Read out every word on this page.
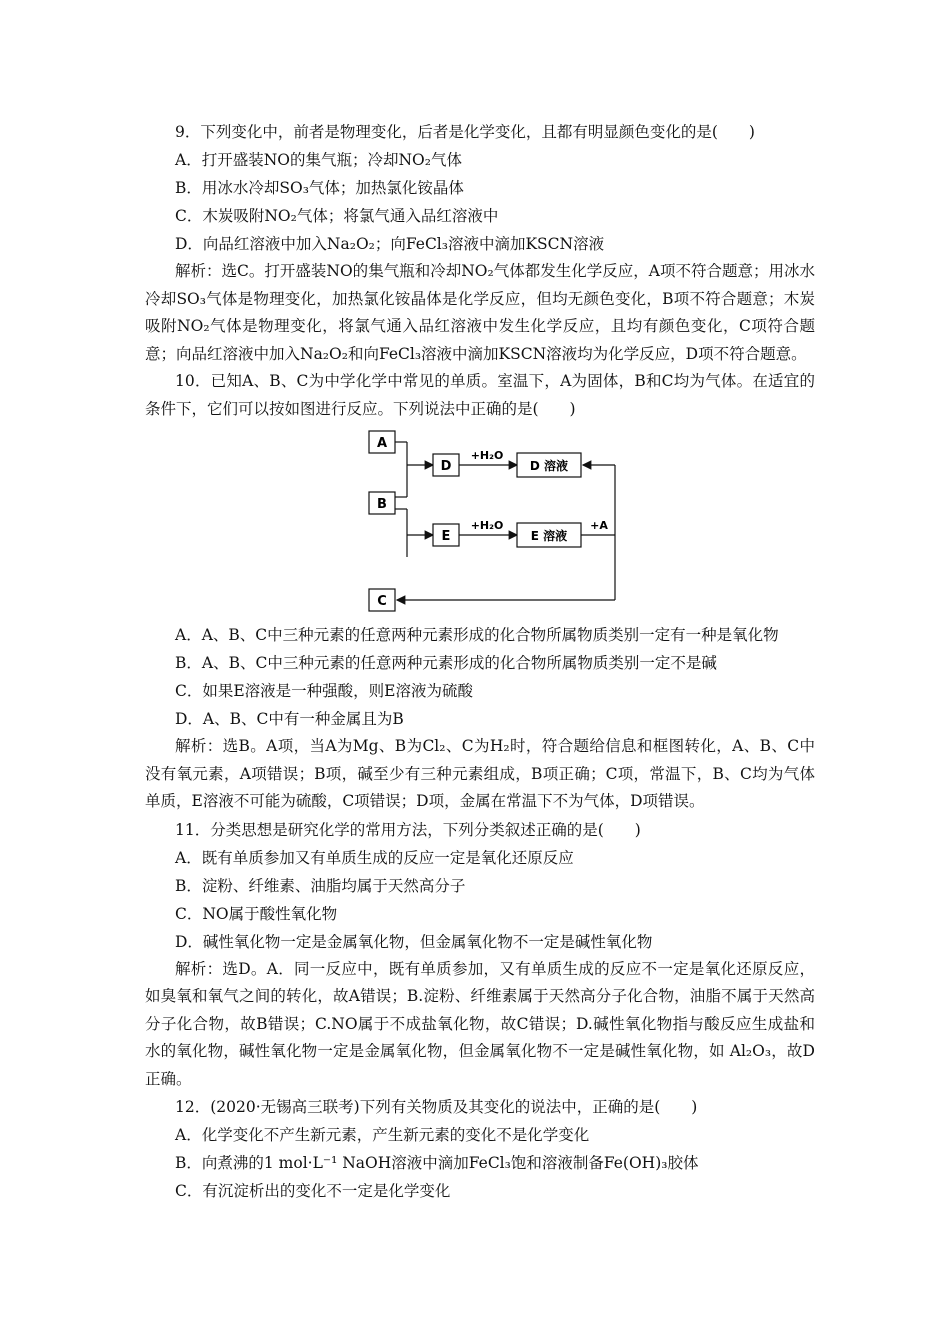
9．下列变化中，前者是物理变化，后者是化学变化，且都有明显颜色变化的是(　　)
A．打开盛装NO的集气瓶；冷却NO₂气体
B．用冰水冷却SO₃气体；加热氯化铵晶体
C．木炭吸附NO₂气体；将氯气通入品红溶液中
D．向品红溶液中加入Na₂O₂；向FeCl₃溶液中滴加KSCN溶液
解析：选C。打开盛装NO的集气瓶和冷却NO₂气体都发生化学反应，A项不符合题意；用冰水冷却SO₃气体是物理变化，加热氯化铵晶体是化学反应，但均无颜色变化，B项不符合题意；木炭吸附NO₂气体是物理变化，将氯气通入品红溶液中发生化学反应，且均有颜色变化，C项符合题意；向品红溶液中加入Na₂O₂和向FeCl₃溶液中滴加KSCN溶液均为化学反应，D项不符合题意。
10．已知A、B、C为中学化学中常见的单质。室温下，A为固体，B和C均为气体。在适宜的条件下，它们可以按如图进行反应。下列说法中正确的是(　　)
A
B
C
D
+H₂O
D 溶液
E
+H₂O
E 溶液
+A
A．A、B、C中三种元素的任意两种元素形成的化合物所属物质类别一定有一种是氧化物
B．A、B、C中三种元素的任意两种元素形成的化合物所属物质类别一定不是碱
C．如果E溶液是一种强酸，则E溶液为硫酸
D．A、B、C中有一种金属且为B
解析：选B。A项，当A为Mg、B为Cl₂、C为H₂时，符合题给信息和框图转化，A、B、C中没有氧元素，A项错误；B项，碱至少有三种元素组成，B项正确；C项，常温下，B、C均为气体单质，E溶液不可能为硫酸，C项错误；D项，金属在常温下不为气体，D项错误。
11．分类思想是研究化学的常用方法，下列分类叙述正确的是(　　)
A．既有单质参加又有单质生成的反应一定是氧化还原反应
B．淀粉、纤维素、油脂均属于天然高分子
C．NO属于酸性氧化物
D．碱性氧化物一定是金属氧化物，但金属氧化物不一定是碱性氧化物
解析：选D。A．同一反应中，既有单质参加，又有单质生成的反应不一定是氧化还原反应，如臭氧和氧气之间的转化，故A错误；B.淀粉、纤维素属于天然高分子化合物，油脂不属于天然高分子化合物，故B错误；C.NO属于不成盐氧化物，故C错误；D.碱性氧化物指与酸反应生成盐和水的氧化物，碱性氧化物一定是金属氧化物，但金属氧化物不一定是碱性氧化物，如 Al₂O₃，故D正确。
12．(2020·无锡高三联考)下列有关物质及其变化的说法中，正确的是(　　)
A．化学变化不产生新元素，产生新元素的变化不是化学变化
B．向煮沸的1 mol·L⁻¹ NaOH溶液中滴加FeCl₃饱和溶液制备Fe(OH)₃胶体
C．有沉淀析出的变化不一定是化学变化
